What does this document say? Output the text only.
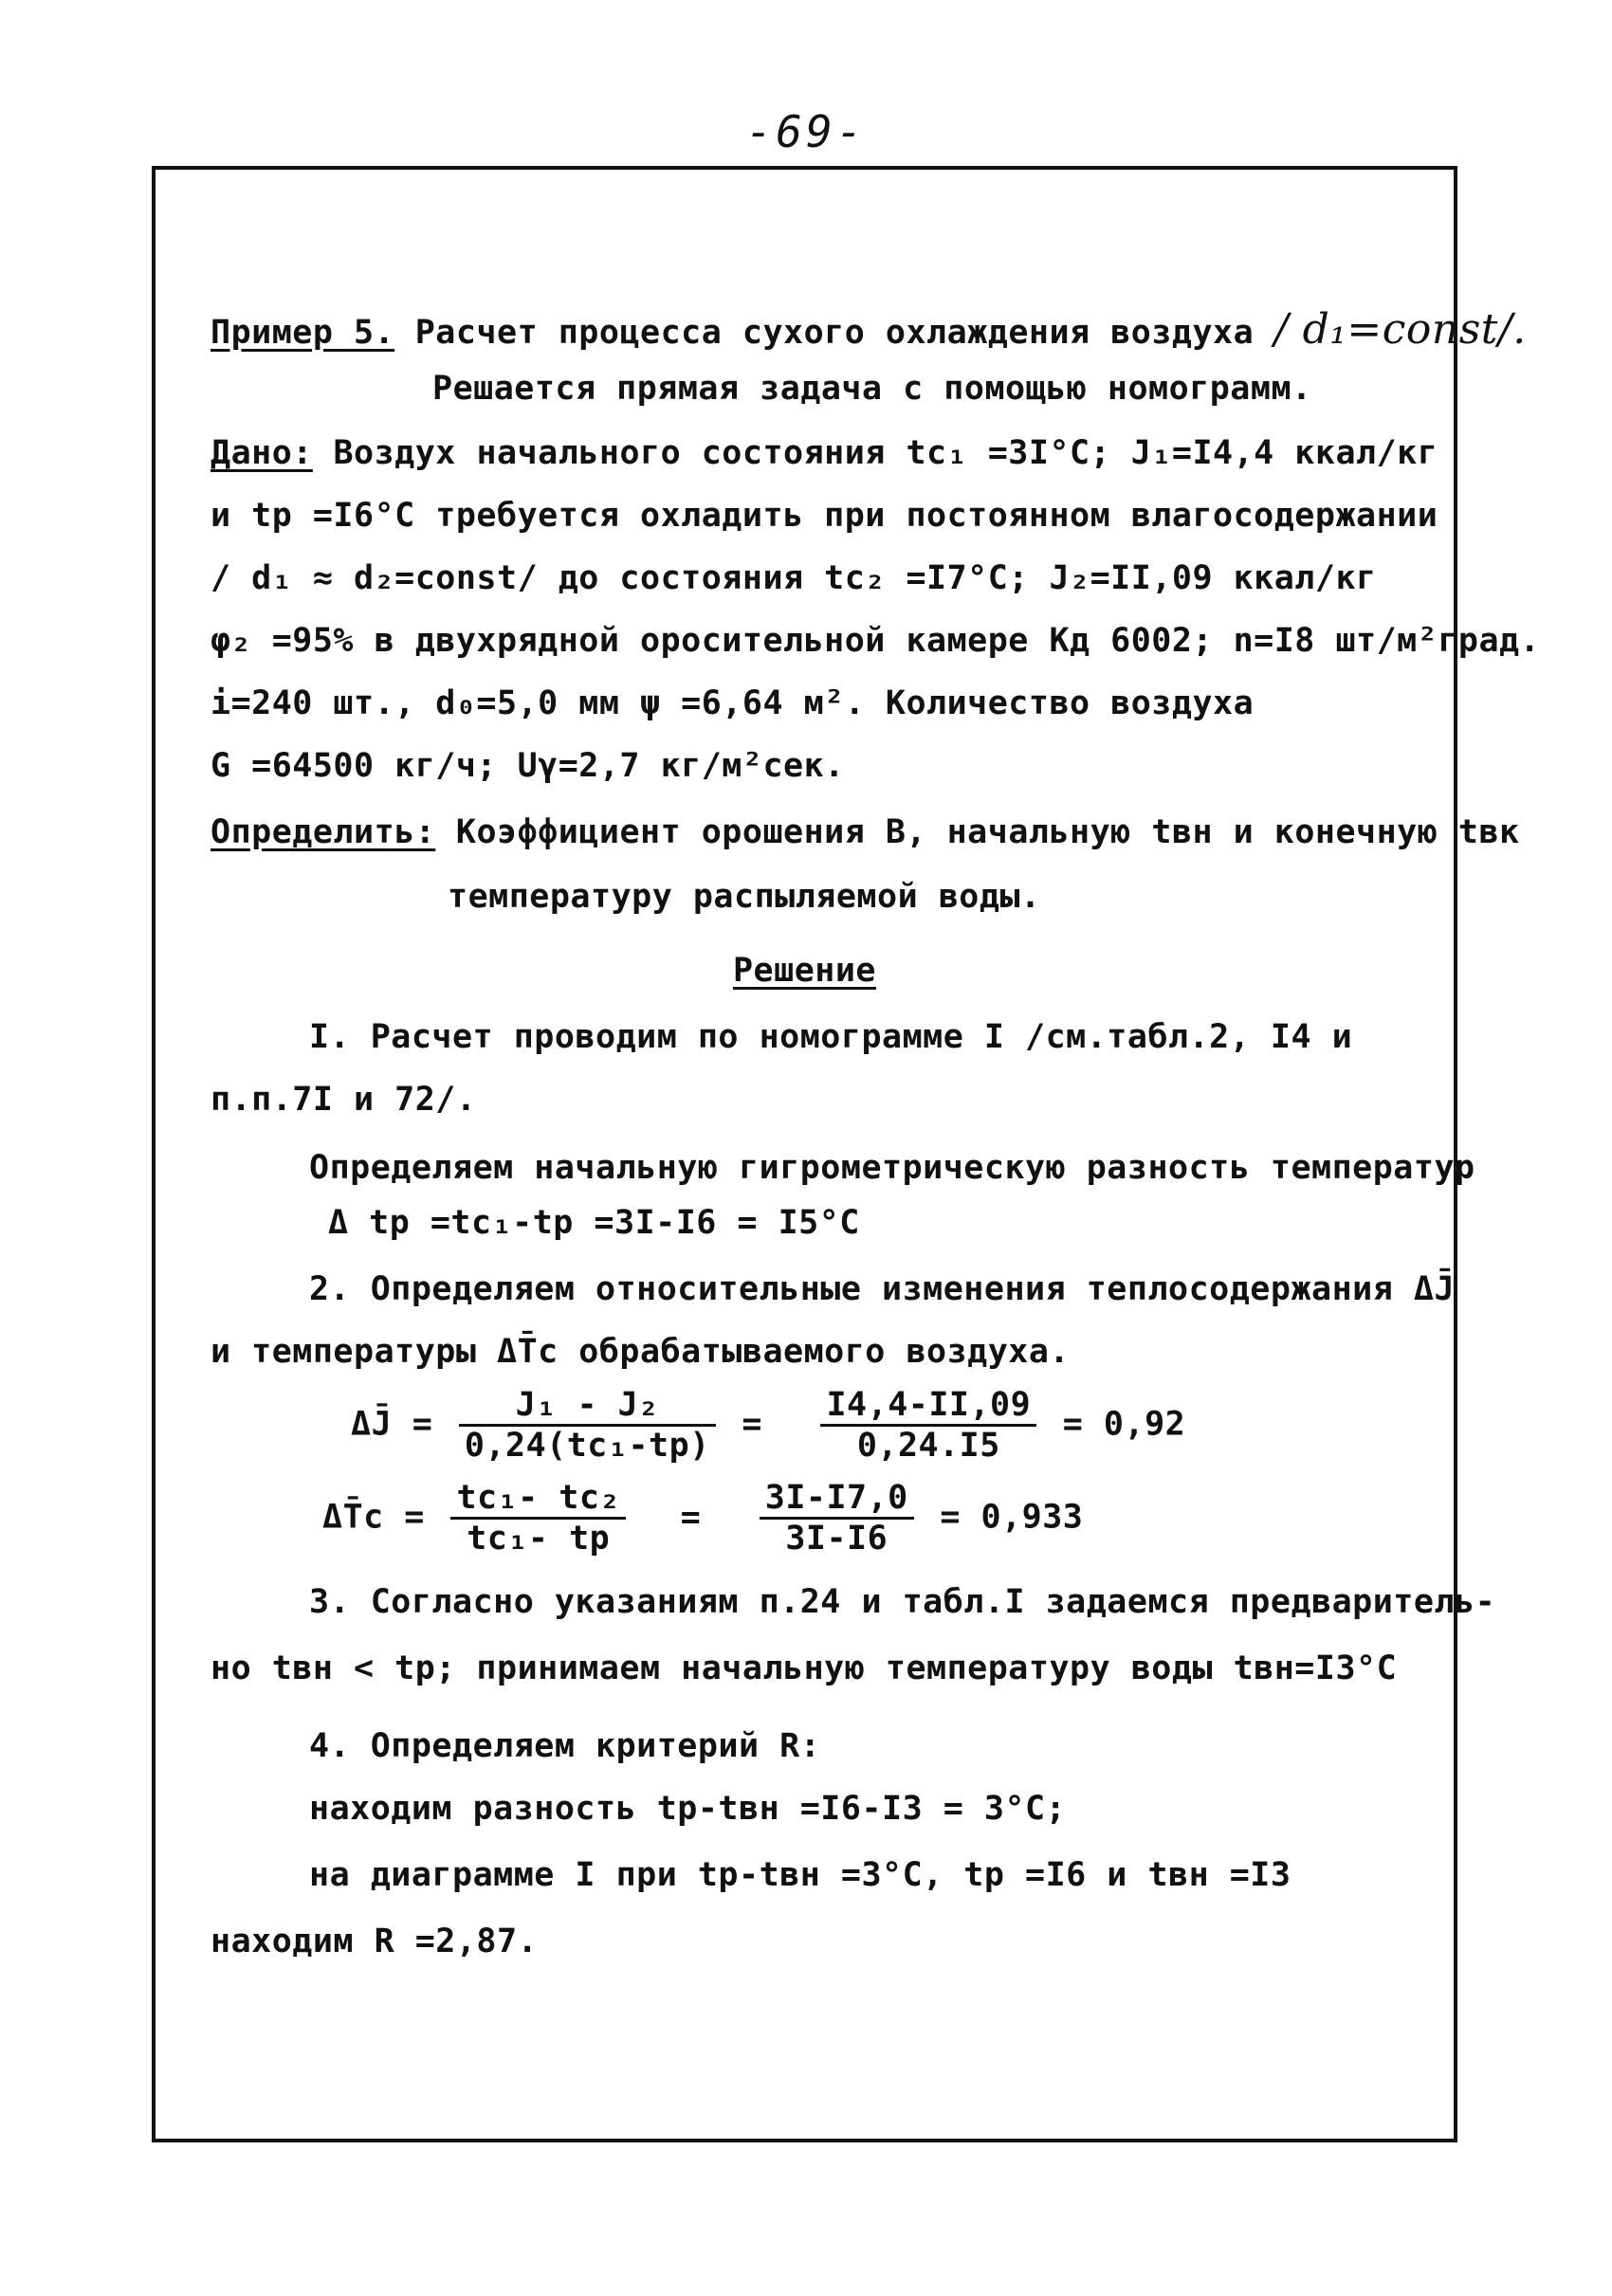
-69-
Пример 5. Расчет процесса сухого охлаждения воздуха / d₁=const/.
Решается прямая задача с помощью номограмм.
Дано: Воздух начального состояния tс₁ =3I°С; J₁=I4,4 ккал/кг
и tр =I6°С требуется охладить при постоянном влагосодержании
/ d₁ ≈ d₂=const/ до состояния tс₂ =I7°С; J₂=II,09 ккал/кг
φ₂ =95% в двухрядной оросительной камере Кд 6002; n=I8 шт/м²град.
i=240 шт., d₀=5,0 мм ψ =6,64 м². Количество воздуха
G =64500 кг/ч; Uγ=2,7 кг/м²сек.
Определить: Коэффициент орошения В, начальную tвн и конечную tвк
температуру распыляемой воды.
Решение
I. Расчет проводим по номограмме I /см.табл.2, I4 и
п.п.7I и 72/.
Определяем начальную гигрометрическую разность температур
Δ tр =tс₁-tр =3I-I6 = I5°С
2. Определяем относительные изменения теплосодержания ΔJ̄
и температуры ΔT̄с обрабатываемого воздуха.
ΔJ̄ = $\frac{\text{J₁ - J₂}}{\text{0,24(tс₁-tр)}} = \frac{I4,4-II,09}{0,24.I5} = 0,92$
ΔT̄с = $\frac{\text{tс₁- tс₂}}{\text{tс₁- tр}} = \frac{3I-I7,0}{3I-I6} = 0,933$
3. Согласно указаниям п.24 и табл.I задаемся предваритель-
но tвн < tр; принимаем начальную температуру воды tвн=I3°С
4. Определяем критерий R:
находим разность tр-tвн =I6-I3 = 3°С;
на диаграмме I при tр-tвн =3°С, tр =I6 и tвн =I3
находим R =2,87.
